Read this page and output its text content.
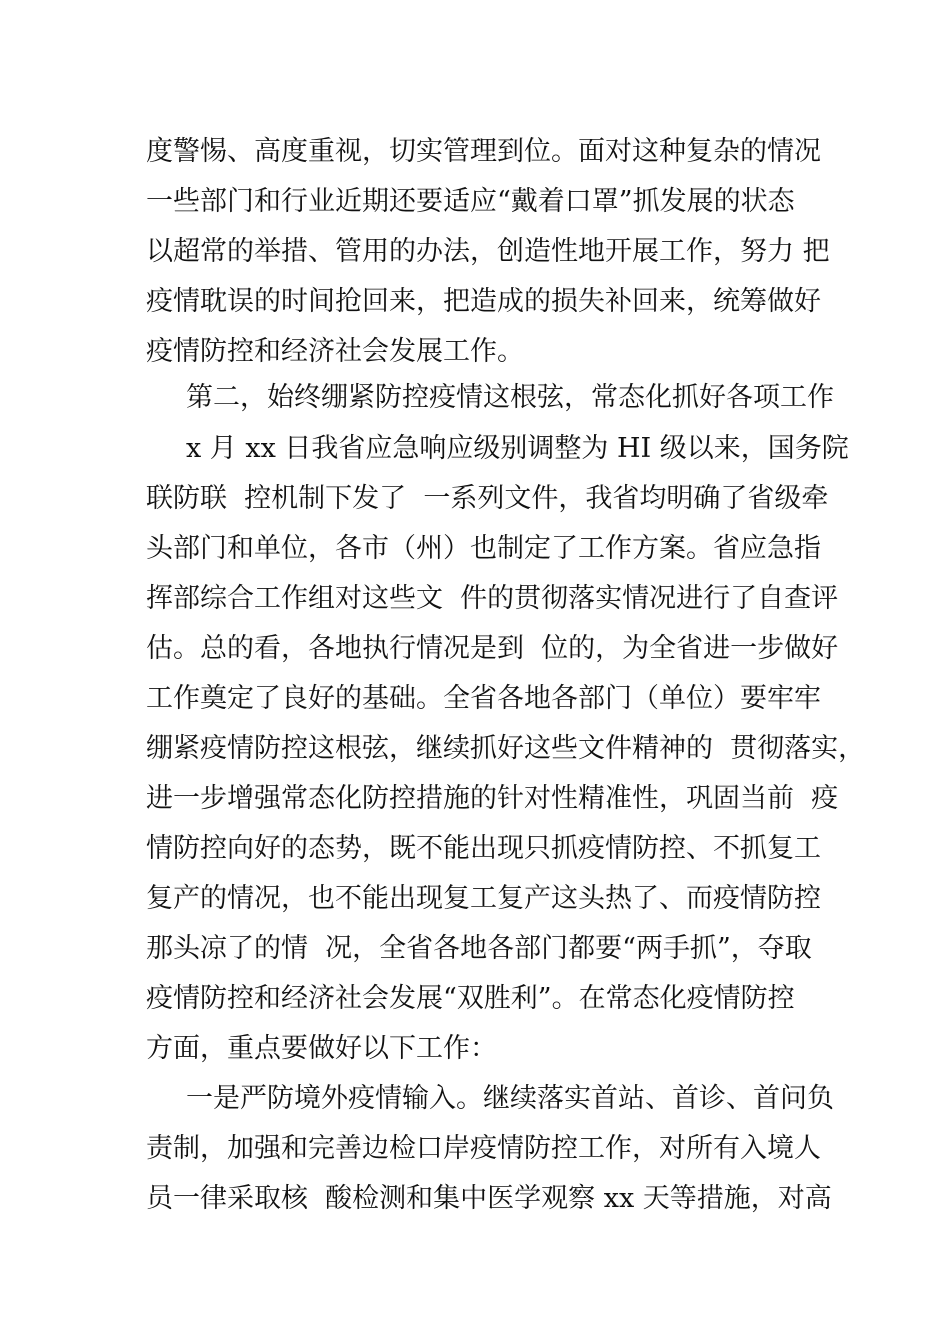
度警惕、高度重视，切实管理到位。面对这种复杂的情况
一些部门和行业近期还要适应“戴着口罩”抓发展的状态
以超常的举措、管用的办法，创造性地开展工作，努力 把
疫情耽误的时间抢回来，把造成的损失补回来，统筹做好
疫情防控和经济社会发展工作。
第二，始终绷紧防控疫情这根弦，常态化抓好各项工作
x 月 xx 日我省应急响应级别调整为 HI 级以来，国务院
联防联  控机制下发了  一系列文件，我省均明确了省级牵
头部门和单位，各市（州）也制定了工作方案。省应急指
挥部综合工作组对这些文  件的贯彻落实情况进行了自查评
估。总的看，各地执行情况是到  位的，为全省进一步做好
工作奠定了良好的基础。全省各地各部门（单位）要牢牢
绷紧疫情防控这根弦，继续抓好这些文件精神的  贯彻落实，
进一步增强常态化防控措施的针对性精准性，巩固当前  疫
情防控向好的态势，既不能出现只抓疫情防控、不抓复工
复产的情况，也不能出现复工复产这头热了、而疫情防控
那头凉了的情  况，全省各地各部门都要“两手抓”，夺取
疫情防控和经济社会发展“双胜利”。在常态化疫情防控
方面，重点要做好以下工作：
一是严防境外疫情输入。继续落实首站、首诊、首问负
责制，加强和完善边检口岸疫情防控工作，对所有入境人
员一律采取核  酸检测和集中医学观察 xx 天等措施，对高
